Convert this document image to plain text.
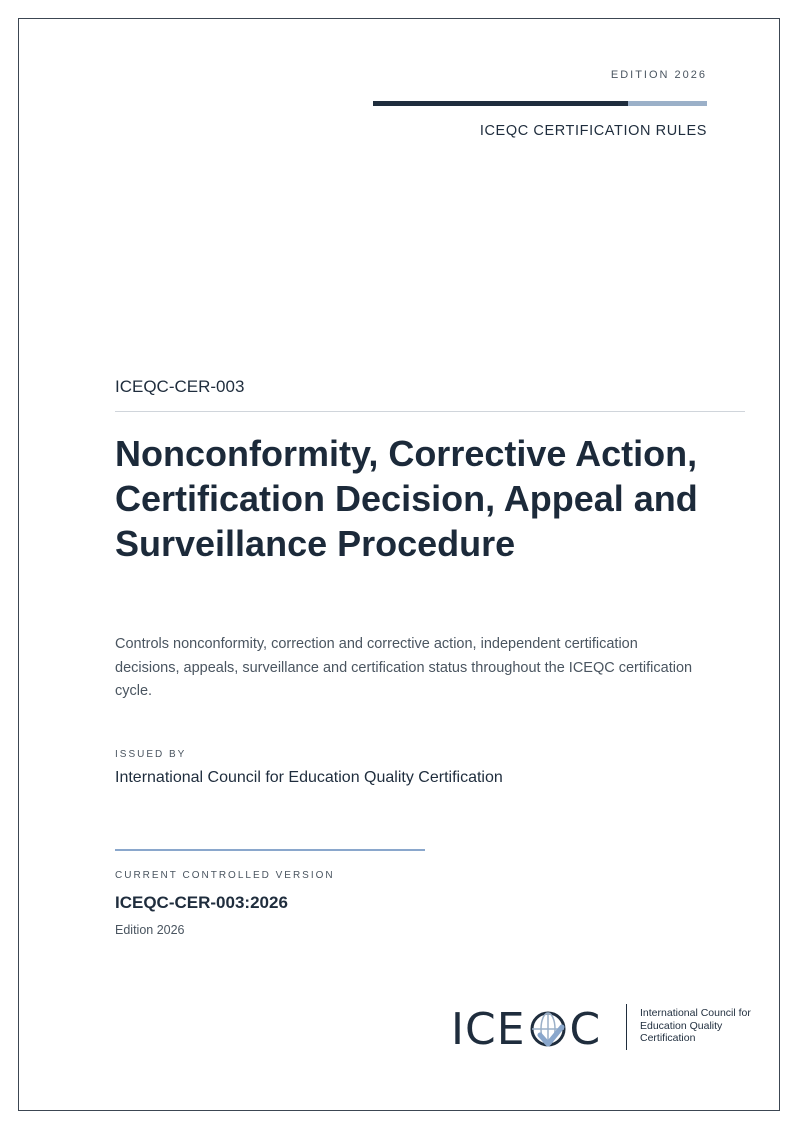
EDITION 2026
ICEQC CERTIFICATION RULES
ICEQC-CER-003
Nonconformity, Corrective Action, Certification Decision, Appeal and Surveillance Procedure

Controls nonconformity, correction and corrective action, independent certification decisions, appeals, surveillance and certification status throughout the ICEQC certification cycle.

ISSUED BY
International Council for Education Quality Certification
CURRENT CONTROLLED VERSION
ICEQC-CER-003:2026
Edition 2026
ICE C	International Council for
Education Quality
Certification
